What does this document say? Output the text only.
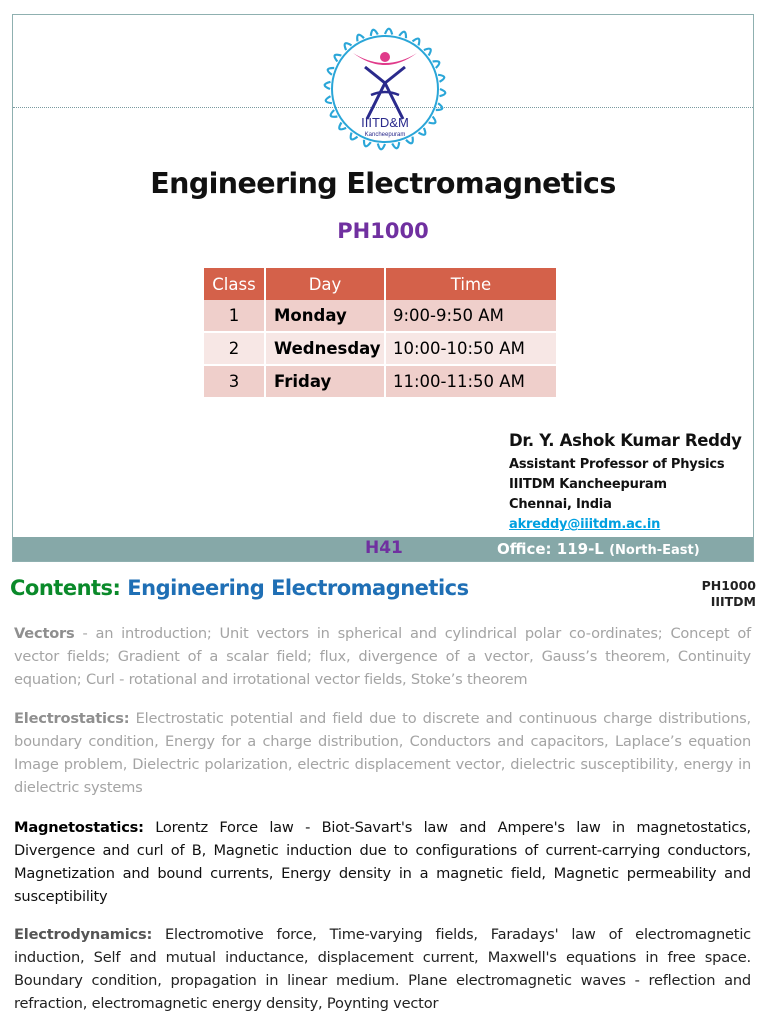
IIITD&M
Kancheepuram
Engineering Electromagnetics
PH1000
Class	Day	Time
1	Monday	9:00-9:50 AM
2	Wednesday	10:00-10:50 AM
3	Friday	11:00-11:50 AM
Dr. Y. Ashok Kumar Reddy
Assistant Professor of Physics
IIITDM Kancheepuram
Chennai, India
akreddy@iiitdm.ac.in
H41	Office: 119-L (North-East)
Contents: Engineering Electromagnetics	PH1000
IIITDM

Vectors - an introduction; Unit vectors in spherical and cylindrical polar co-ordinates; Concept of vector fields; Gradient of a scalar field; flux, divergence of a vector, Gauss’s theorem, Continuity equation; Curl - rotational and irrotational vector fields, Stoke’s theorem

Electrostatics: Electrostatic potential and field due to discrete and continuous charge distributions, boundary condition, Energy for a charge distribution, Conductors and capacitors, Laplace’s equation Image problem, Dielectric polarization, electric displacement vector, dielectric susceptibility, energy in dielectric systems

Magnetostatics: Lorentz Force law - Biot-Savart's law and Ampere's law in magnetostatics, Divergence and curl of B, Magnetic induction due to configurations of current-carrying conductors, Magnetization and bound currents, Energy density in a magnetic field, Magnetic permeability and susceptibility

Electrodynamics: Electromotive force, Time-varying fields, Faradays' law of electromagnetic induction, Self and mutual inductance, displacement current, Maxwell's equations in free space. Boundary condition, propagation in linear medium. Plane electromagnetic waves - reflection and refraction, electromagnetic energy density, Poynting vector
